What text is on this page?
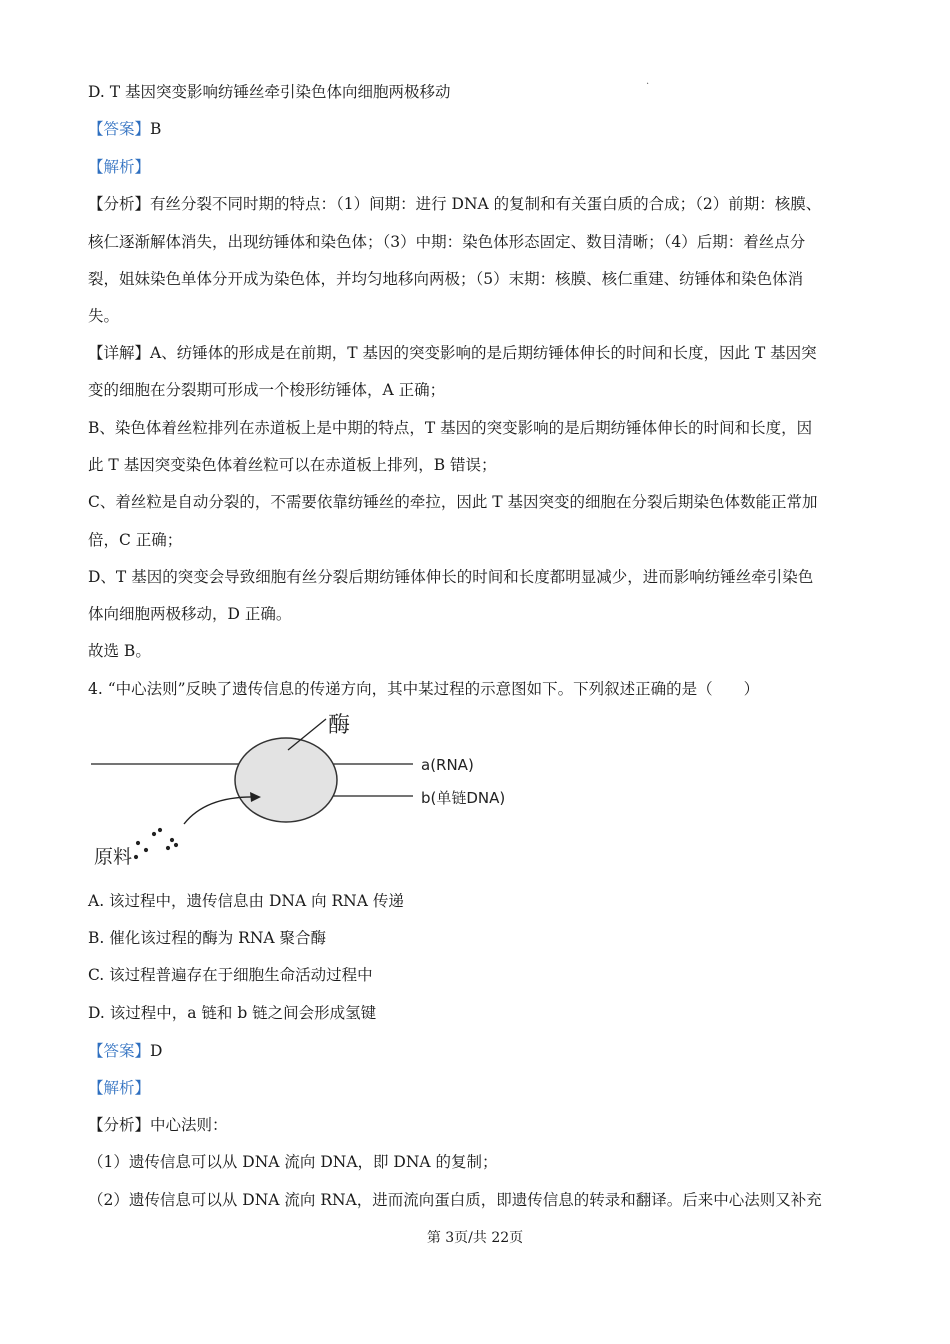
.
D. T 基因突变影响纺锤丝牵引染色体向细胞两极移动
【答案】B
【解析】
【分析】有丝分裂不同时期的特点：（1）间期：进行 DNA 的复制和有关蛋白质的合成；（2）前期：核膜、
核仁逐渐解体消失，出现纺锤体和染色体；（3）中期：染色体形态固定、数目清晰；（4）后期：着丝点分
裂，姐妹染色单体分开成为染色体，并均匀地移向两极；（5）末期：核膜、核仁重建、纺锤体和染色体消
失。
【详解】A、纺锤体的形成是在前期，T 基因的突变影响的是后期纺锤体伸长的时间和长度，因此 T 基因突
变的细胞在分裂期可形成一个梭形纺锤体，A 正确；
B、染色体着丝粒排列在赤道板上是中期的特点，T 基因的突变影响的是后期纺锤体伸长的时间和长度，因
此 T 基因突变染色体着丝粒可以在赤道板上排列，B 错误；
C、着丝粒是自动分裂的，不需要依靠纺锤丝的牵拉，因此 T 基因突变的细胞在分裂后期染色体数能正常加
倍，C 正确；
D、T 基因的突变会导致细胞有丝分裂后期纺锤体伸长的时间和长度都明显减少，进而影响纺锤丝牵引染色
体向细胞两极移动，D 正确。
故选 B。
4. “中心法则”反映了遗传信息的传递方向，其中某过程的示意图如下。下列叙述正确的是（　　）
酶
a(RNA)
b(单链DNA)
原料
A. 该过程中，遗传信息由 DNA 向 RNA 传递
B. 催化该过程的酶为 RNA 聚合酶
C. 该过程普遍存在于细胞生命活动过程中
D. 该过程中，a 链和 b 链之间会形成氢键
【答案】D
【解析】
【分析】中心法则：
（1）遗传信息可以从 DNA 流向 DNA，即 DNA 的复制；
（2）遗传信息可以从 DNA 流向 RNA，进而流向蛋白质，即遗传信息的转录和翻译。后来中心法则又补充
第 3页/共 22页
